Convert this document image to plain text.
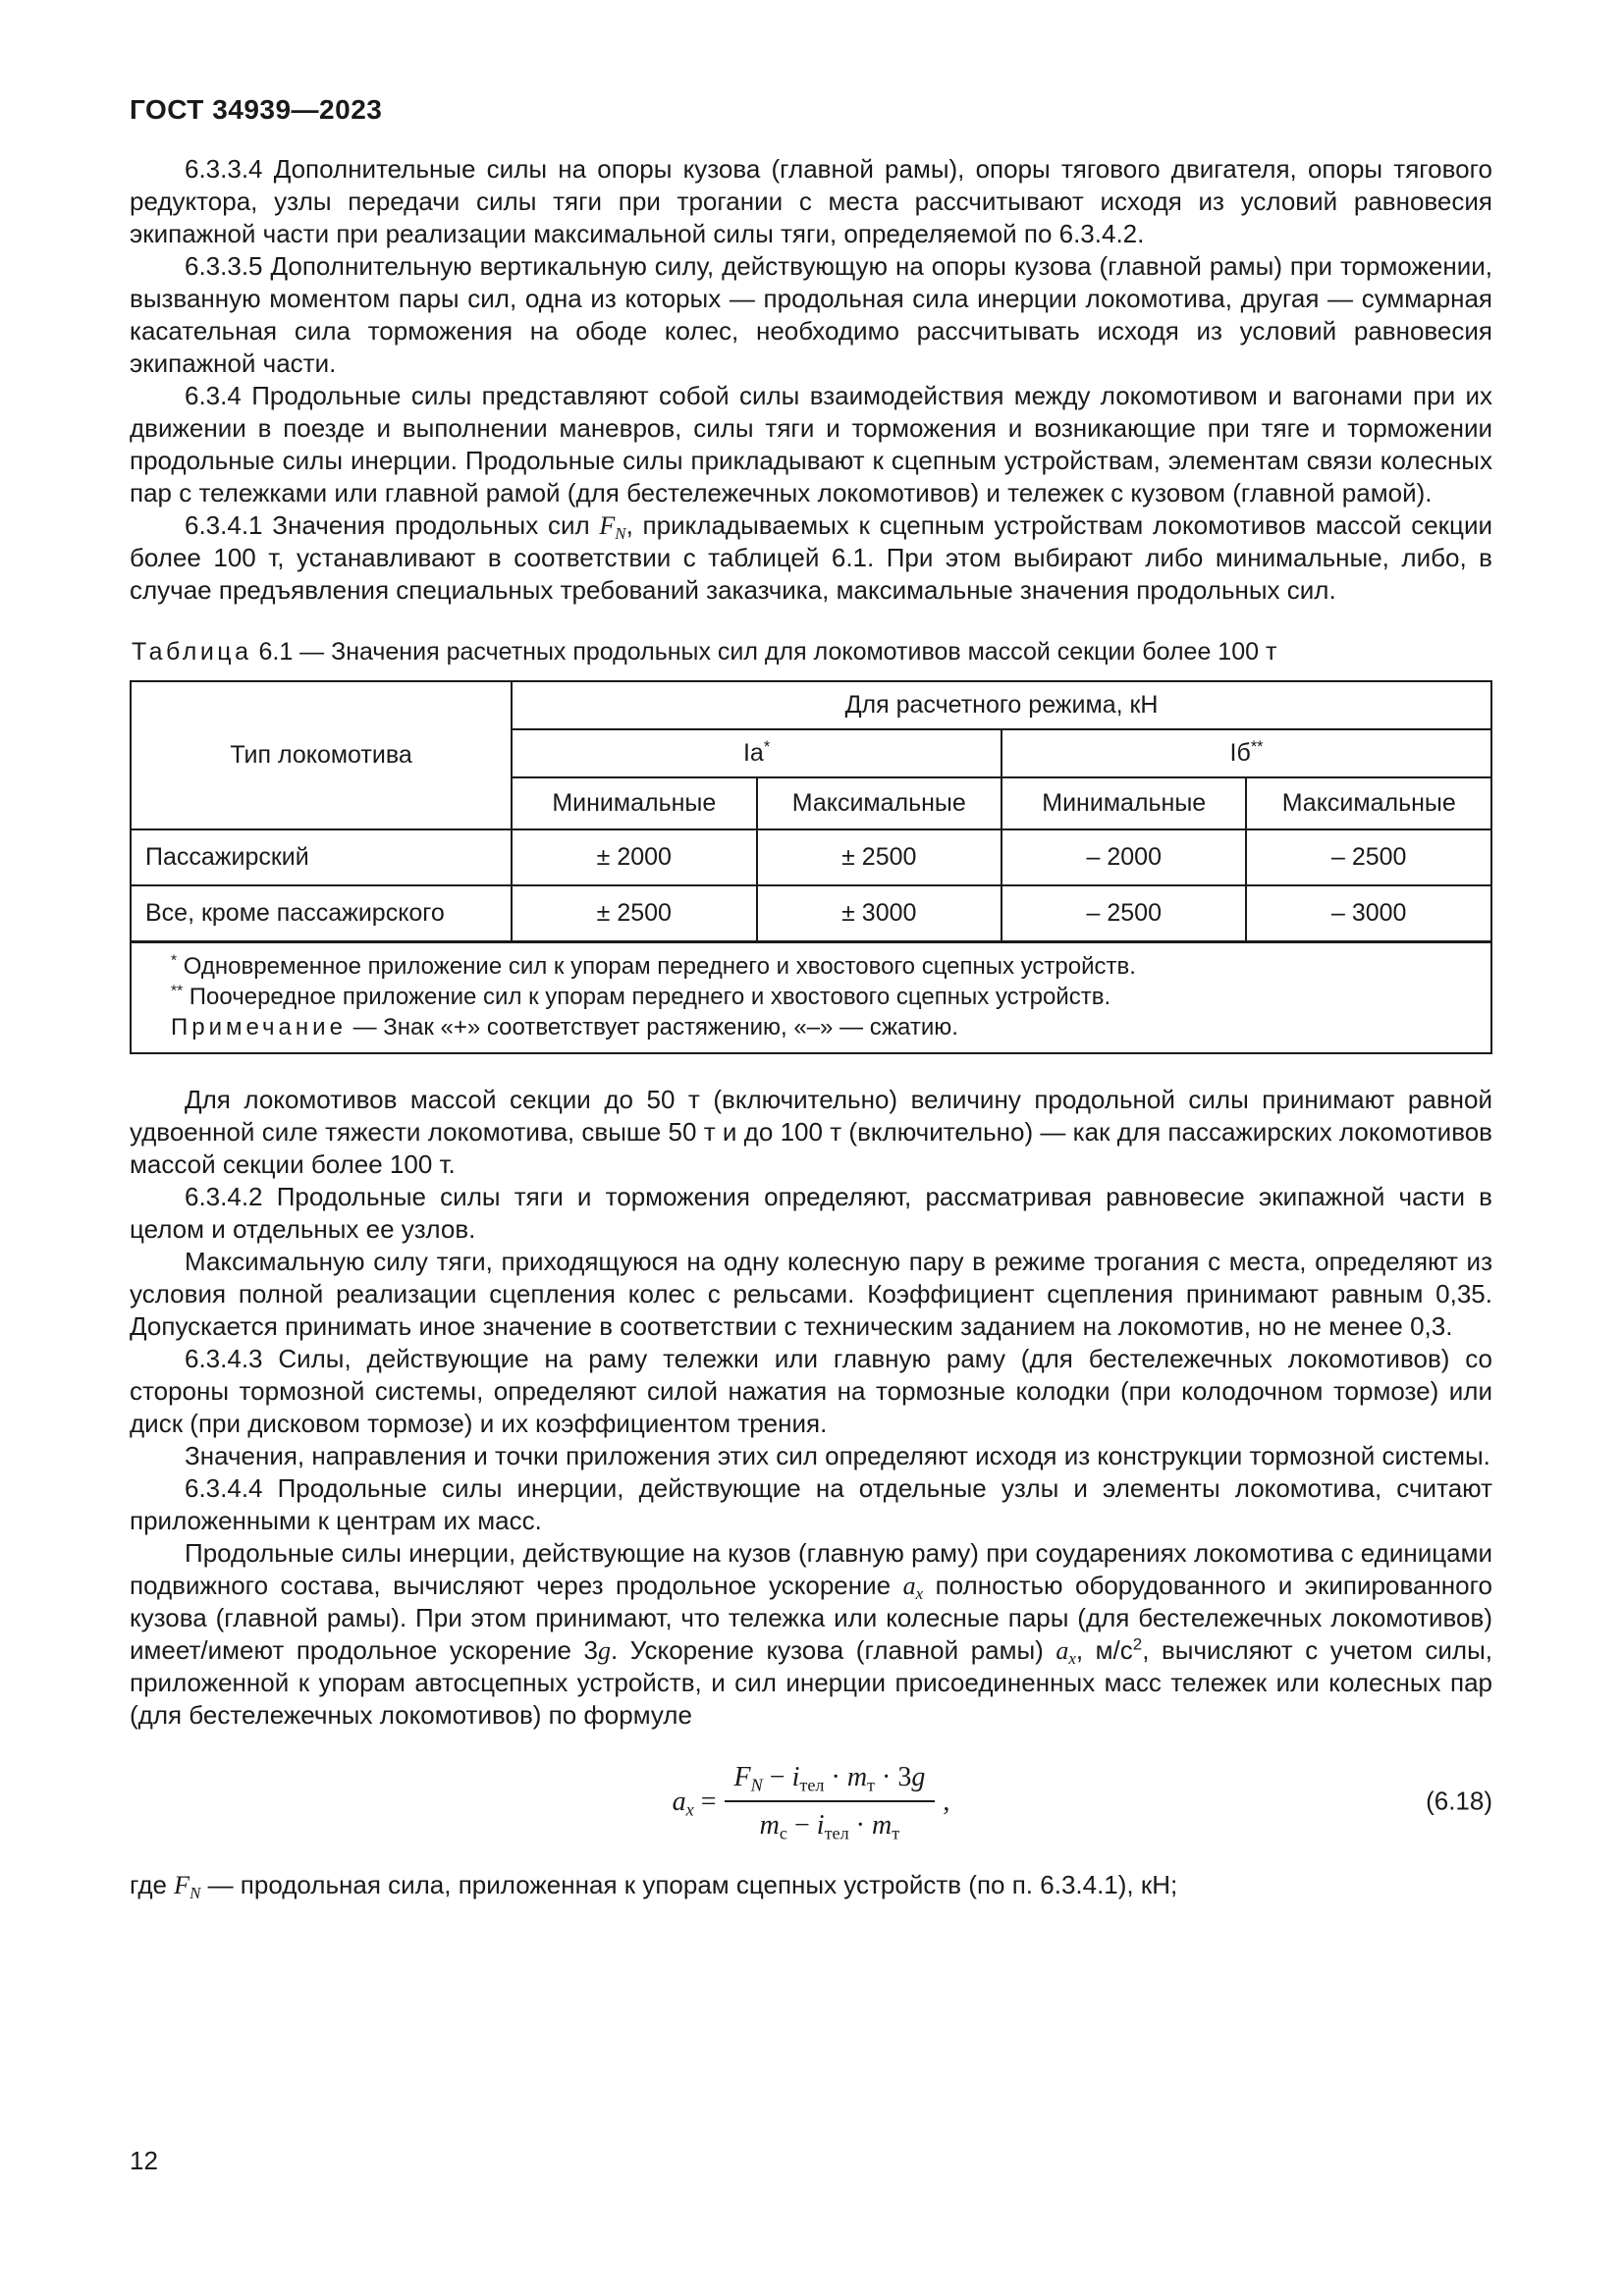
ГОСТ 34939—2023

6.3.3.4 Дополнительные силы на опоры кузова (главной рамы), опоры тягового двигателя, опоры тягового редуктора, узлы передачи силы тяги при трогании с места рассчитывают исходя из условий равновесия экипажной части при реализации максимальной силы тяги, определяемой по 6.3.4.2.

6.3.3.5 Дополнительную вертикальную силу, действующую на опоры кузова (главной рамы) при торможении, вызванную моментом пары сил, одна из которых — продольная сила инерции локомотива, другая — суммарная касательная сила торможения на ободе колес, необходимо рассчитывать исходя из условий равновесия экипажной части.

6.3.4 Продольные силы представляют собой силы взаимодействия между локомотивом и вагонами при их движении в поезде и выполнении маневров, силы тяги и торможения и возникающие при тяге и торможении продольные силы инерции. Продольные силы прикладывают к сцепным устройствам, элементам связи колесных пар с тележками или главной рамой (для бестележечных локомотивов) и тележек с кузовом (главной рамой).

6.3.4.1 Значения продольных сил FN, прикладываемых к сцепным устройствам локомотивов массой секции более 100 т, устанавливают в соответствии с таблицей 6.1. При этом выбирают либо минимальные, либо, в случае предъявления специальных требований заказчика, максимальные значения продольных сил.

Таблица 6.1 — Значения расчетных продольных сил для локомотивов массой секции более 100 т

Тип локомотива	Для расчетного режима, кН			
	Iа*		Iб**
	Минимальные	Максимальные	Минимальные	Максимальные
Пассажирский	± 2000	± 2500	– 2000	– 2500
Все, кроме пассажирского	± 2500	± 3000	– 2500	– 3000

* Одновременное приложение сил к упорам переднего и хвостового сцепных устройств.
** Поочередное приложение сил к упорам переднего и хвостового сцепных устройств.
Примечание — Знак «+» соответствует растяжению, «–» — сжатию.				

Для локомотивов массой секции до 50 т (включительно) величину продольной силы принимают равной удвоенной силе тяжести локомотива, свыше 50 т и до 100 т (включительно) — как для пассажирских локомотивов массой секции более 100 т.

6.3.4.2 Продольные силы тяги и торможения определяют, рассматривая равновесие экипажной части в целом и отдельных ее узлов.

Максимальную силу тяги, приходящуюся на одну колесную пару в режиме трогания с места, определяют из условия полной реализации сцепления колес с рельсами. Коэффициент сцепления принимают равным 0,35. Допускается принимать иное значение в соответствии с техническим заданием на локомотив, но не менее 0,3.

6.3.4.3 Силы, действующие на раму тележки или главную раму (для бестележечных локомотивов) со стороны тормозной системы, определяют силой нажатия на тормозные колодки (при колодочном тормозе) или диск (при дисковом тормозе) и их коэффициентом трения.

Значения, направления и точки приложения этих сил определяют исходя из конструкции тормозной системы.

6.3.4.4 Продольные силы инерции, действующие на отдельные узлы и элементы локомотива, считают приложенными к центрам их масс.

Продольные силы инерции, действующие на кузов (главную раму) при соударениях локомотива с единицами подвижного состава, вычисляют через продольное ускорение ax полностью оборудованного и экипированного кузова (главной рамы). При этом принимают, что тележка или колесные пары (для бестележечных локомотивов) имеет/имеют продольное ускорение 3g. Ускорение кузова (главной рамы) ax, $м/с^2$, вычисляют с учетом силы, приложенной к упорам автосцепных устройств, и сил инерции присоединенных масс тележек или колесных пар (для бестележечных локомотивов) по формуле

ax = $\frac{\text{FN − iтел · mт · 3g}}{\text{mс − iтел · mт}}$ ,	(6.18)

где FN — продольная сила, приложенная к упорам сцепных устройств (по п. 6.3.4.1), кН;

12
